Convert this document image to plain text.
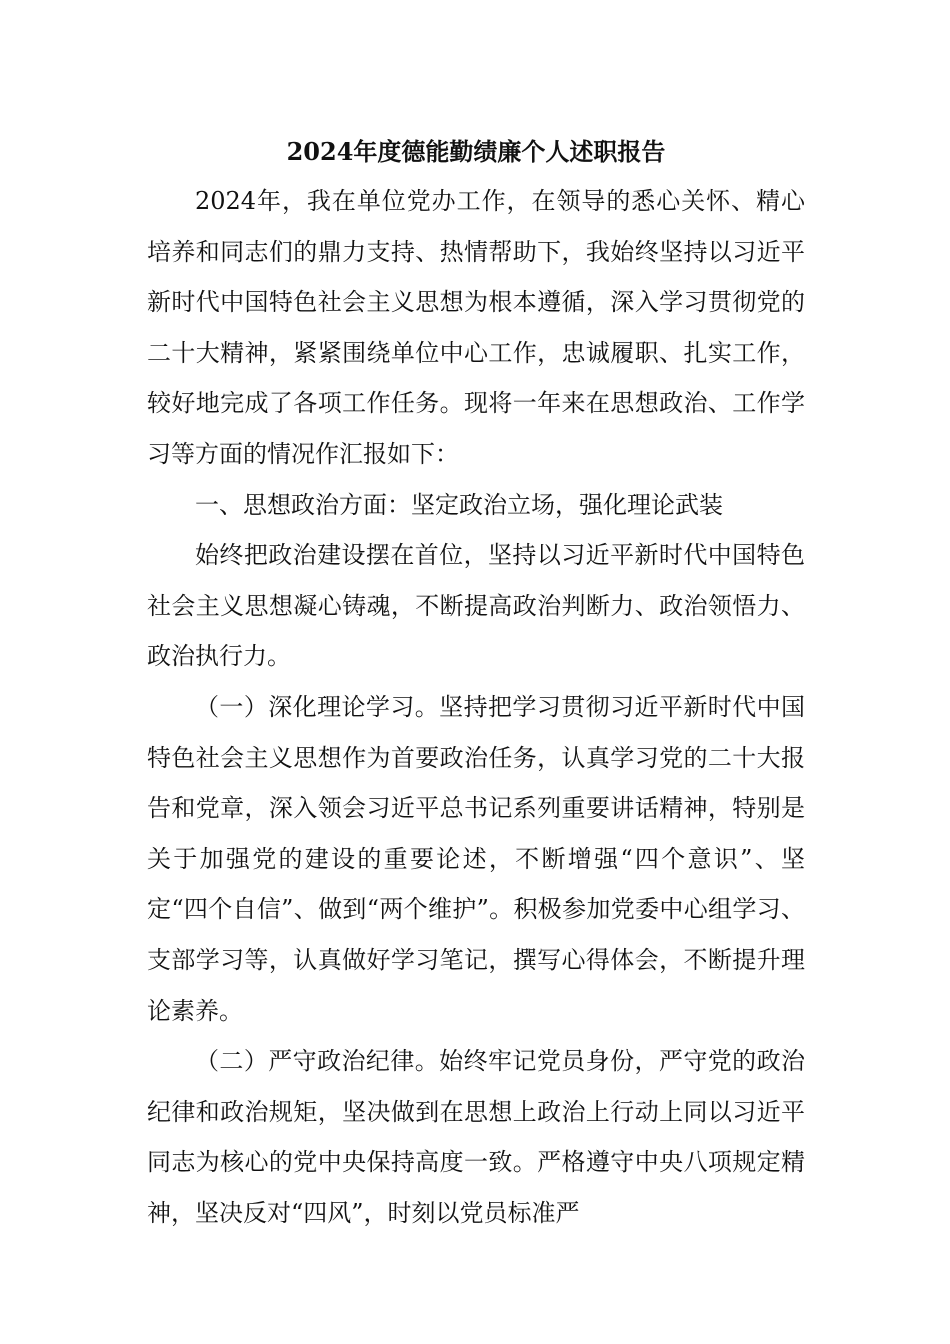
2024年度德能勤绩廉个人述职报告

2024年，我在单位党办工作，在领导的悉心关怀、精心培养和同志们的鼎力支持、热情帮助下，我始终坚持以习近平新时代中国特色社会主义思想为根本遵循，深入学习贯彻党的二十大精神，紧紧围绕单位中心工作，忠诚履职、扎实工作，较好地完成了各项工作任务。现将一年来在思想政治、工作学习等方面的情况作汇报如下：

一、思想政治方面：坚定政治立场，强化理论武装

始终把政治建设摆在首位，坚持以习近平新时代中国特色社会主义思想凝心铸魂，不断提高政治判断力、政治领悟力、政治执行力。

（一）深化理论学习。坚持把学习贯彻习近平新时代中国特色社会主义思想作为首要政治任务，认真学习党的二十大报告和党章，深入领会习近平总书记系列重要讲话精神，特别是关于加强党的建设的重要论述，不断增强“四个意识”、坚定“四个自信”、做到“两个维护”。积极参加党委中心组学习、支部学习等，认真做好学习笔记，撰写心得体会，不断提升理论素养。

（二）严守政治纪律。始终牢记党员身份，严守党的政治纪律和政治规矩，坚决做到在思想上政治上行动上同以习近平同志为核心的党中央保持高度一致。严格遵守中央八项规定精神，坚决反对“四风”，时刻以党员标准严
